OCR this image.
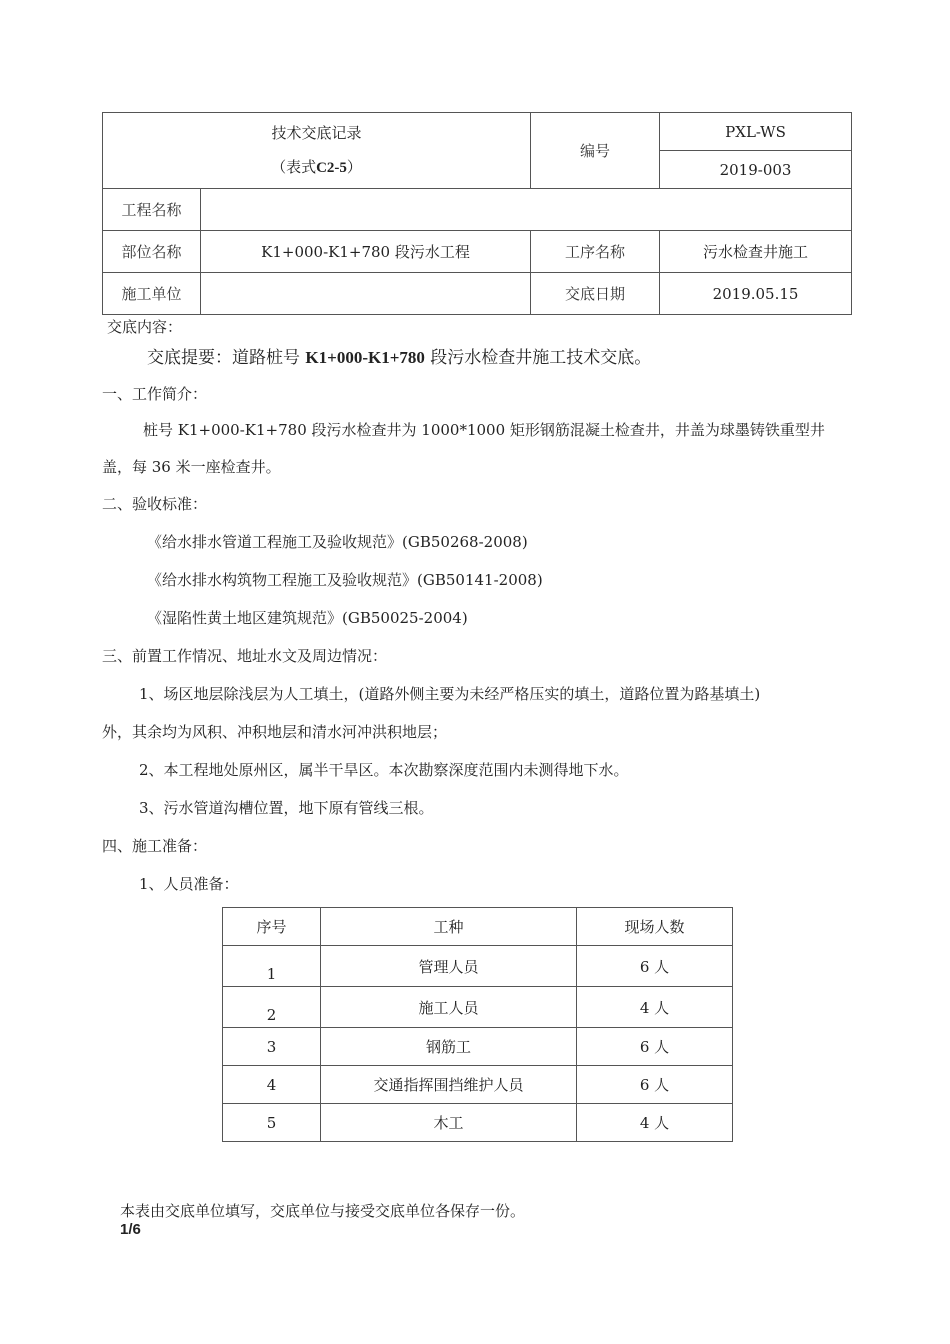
技术交底记录
（表式C2-5）		编号	PXL-WS
			2019-003
工程名称			
部位名称	K1+000-K1+780 段污水工程	工序名称	污水检查井施工
施工单位		交底日期	2019.05.15
交底内容：
交底提要：道路桩号 K1+000-K1+780 段污水检查井施工技术交底。
一、工作简介：
桩号 K1+000-K1+780 段污水检查井为 1000*1000 矩形钢筋混凝土检查井，井盖为球墨铸铁重型井
盖，每 36 米一座检查井。
二、验收标准：
《给水排水管道工程施工及验收规范》(GB50268-2008)
《给水排水构筑物工程施工及验收规范》(GB50141-2008)
《湿陷性黄土地区建筑规范》(GB50025-2004)
三、前置工作情况、地址水文及周边情况：
1、场区地层除浅层为人工填土，(道路外侧主要为未经严格压实的填土，道路位置为路基填土)
外，其余均为风积、冲积地层和清水河冲洪积地层；
2、本工程地处原州区，属半干旱区。本次勘察深度范围内未测得地下水。
3、污水管道沟槽位置，地下原有管线三根。
四、施工准备：
1、人员准备：
序号	工种	现场人数
1	管理人员	6 人
2	施工人员	4 人
3	钢筋工	6 人
4	交通指挥围挡维护人员	6 人
5	木工	4 人
本表由交底单位填写，交底单位与接受交底单位各保存一份。
1/6
